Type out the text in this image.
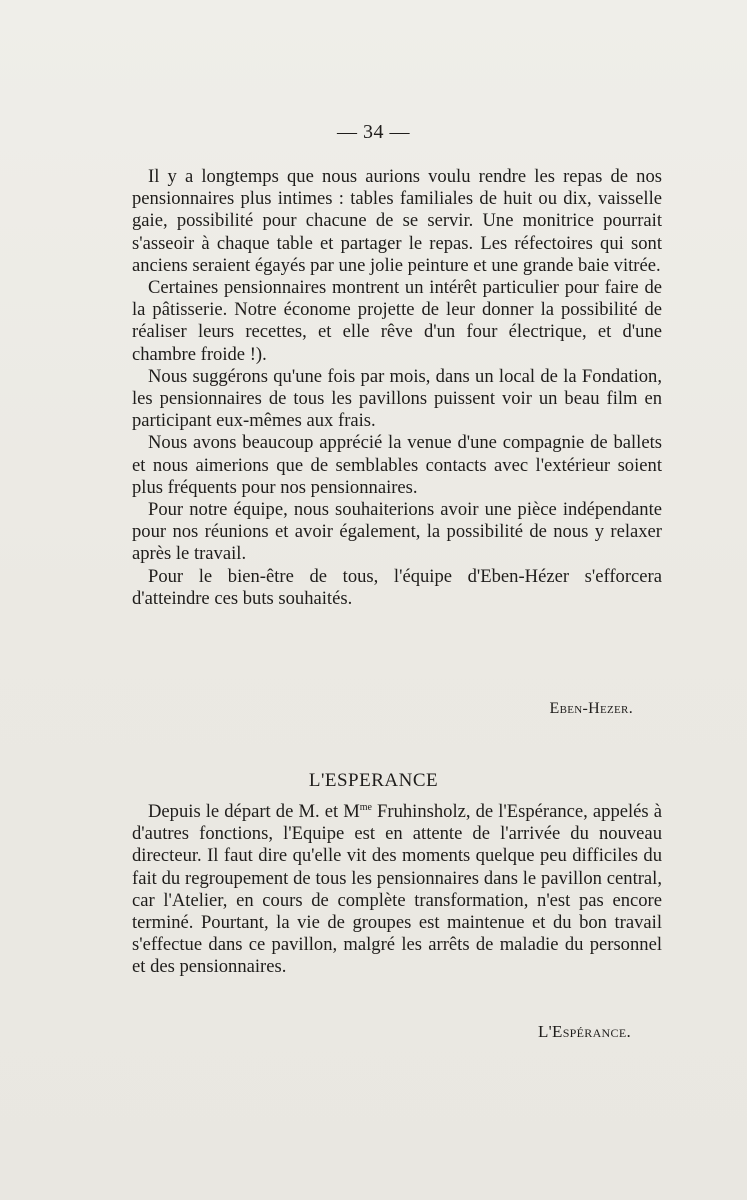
— 34 —

Il y a longtemps que nous aurions voulu rendre les repas de nos pensionnaires plus intimes : tables familiales de huit ou dix, vaisselle gaie, possibilité pour chacune de se servir. Une monitrice pourrait s'asseoir à chaque table et partager le repas. Les réfectoires qui sont anciens seraient égayés par une jolie peinture et une grande baie vitrée.

Certaines pensionnaires montrent un intérêt particulier pour faire de la pâtisserie. Notre économe projette de leur donner la possibilité de réaliser leurs recettes, et elle rêve d'un four électrique, et d'une chambre froide !).

Nous suggérons qu'une fois par mois, dans un local de la Fondation, les pensionnaires de tous les pavillons puissent voir un beau film en participant eux-mêmes aux frais.

Nous avons beaucoup apprécié la venue d'une compagnie de ballets et nous aimerions que de semblables contacts avec l'extérieur soient plus fréquents pour nos pensionnaires.

Pour notre équipe, nous souhaiterions avoir une pièce indépendante pour nos réunions et avoir également, la possibilité de nous y relaxer après le travail.

Pour le bien-être de tous, l'équipe d'Eben-Hézer s'efforcera d'atteindre ces buts souhaités.

Eben-Hezer.
L'ESPERANCE

Depuis le départ de M. et $M^{me}$ Fruhinsholz, de l'Espérance, appelés à d'autres fonctions, l'Equipe est en attente de l'arrivée du nouveau directeur. Il faut dire qu'elle vit des moments quelque peu difficiles du fait du regroupement de tous les pensionnaires dans le pavillon central, car l'Atelier, en cours de complète transformation, n'est pas encore terminé. Pourtant, la vie de groupes est maintenue et du bon travail s'effectue dans ce pavillon, malgré les arrêts de maladie du personnel et des pensionnaires.

L'Espérance.
